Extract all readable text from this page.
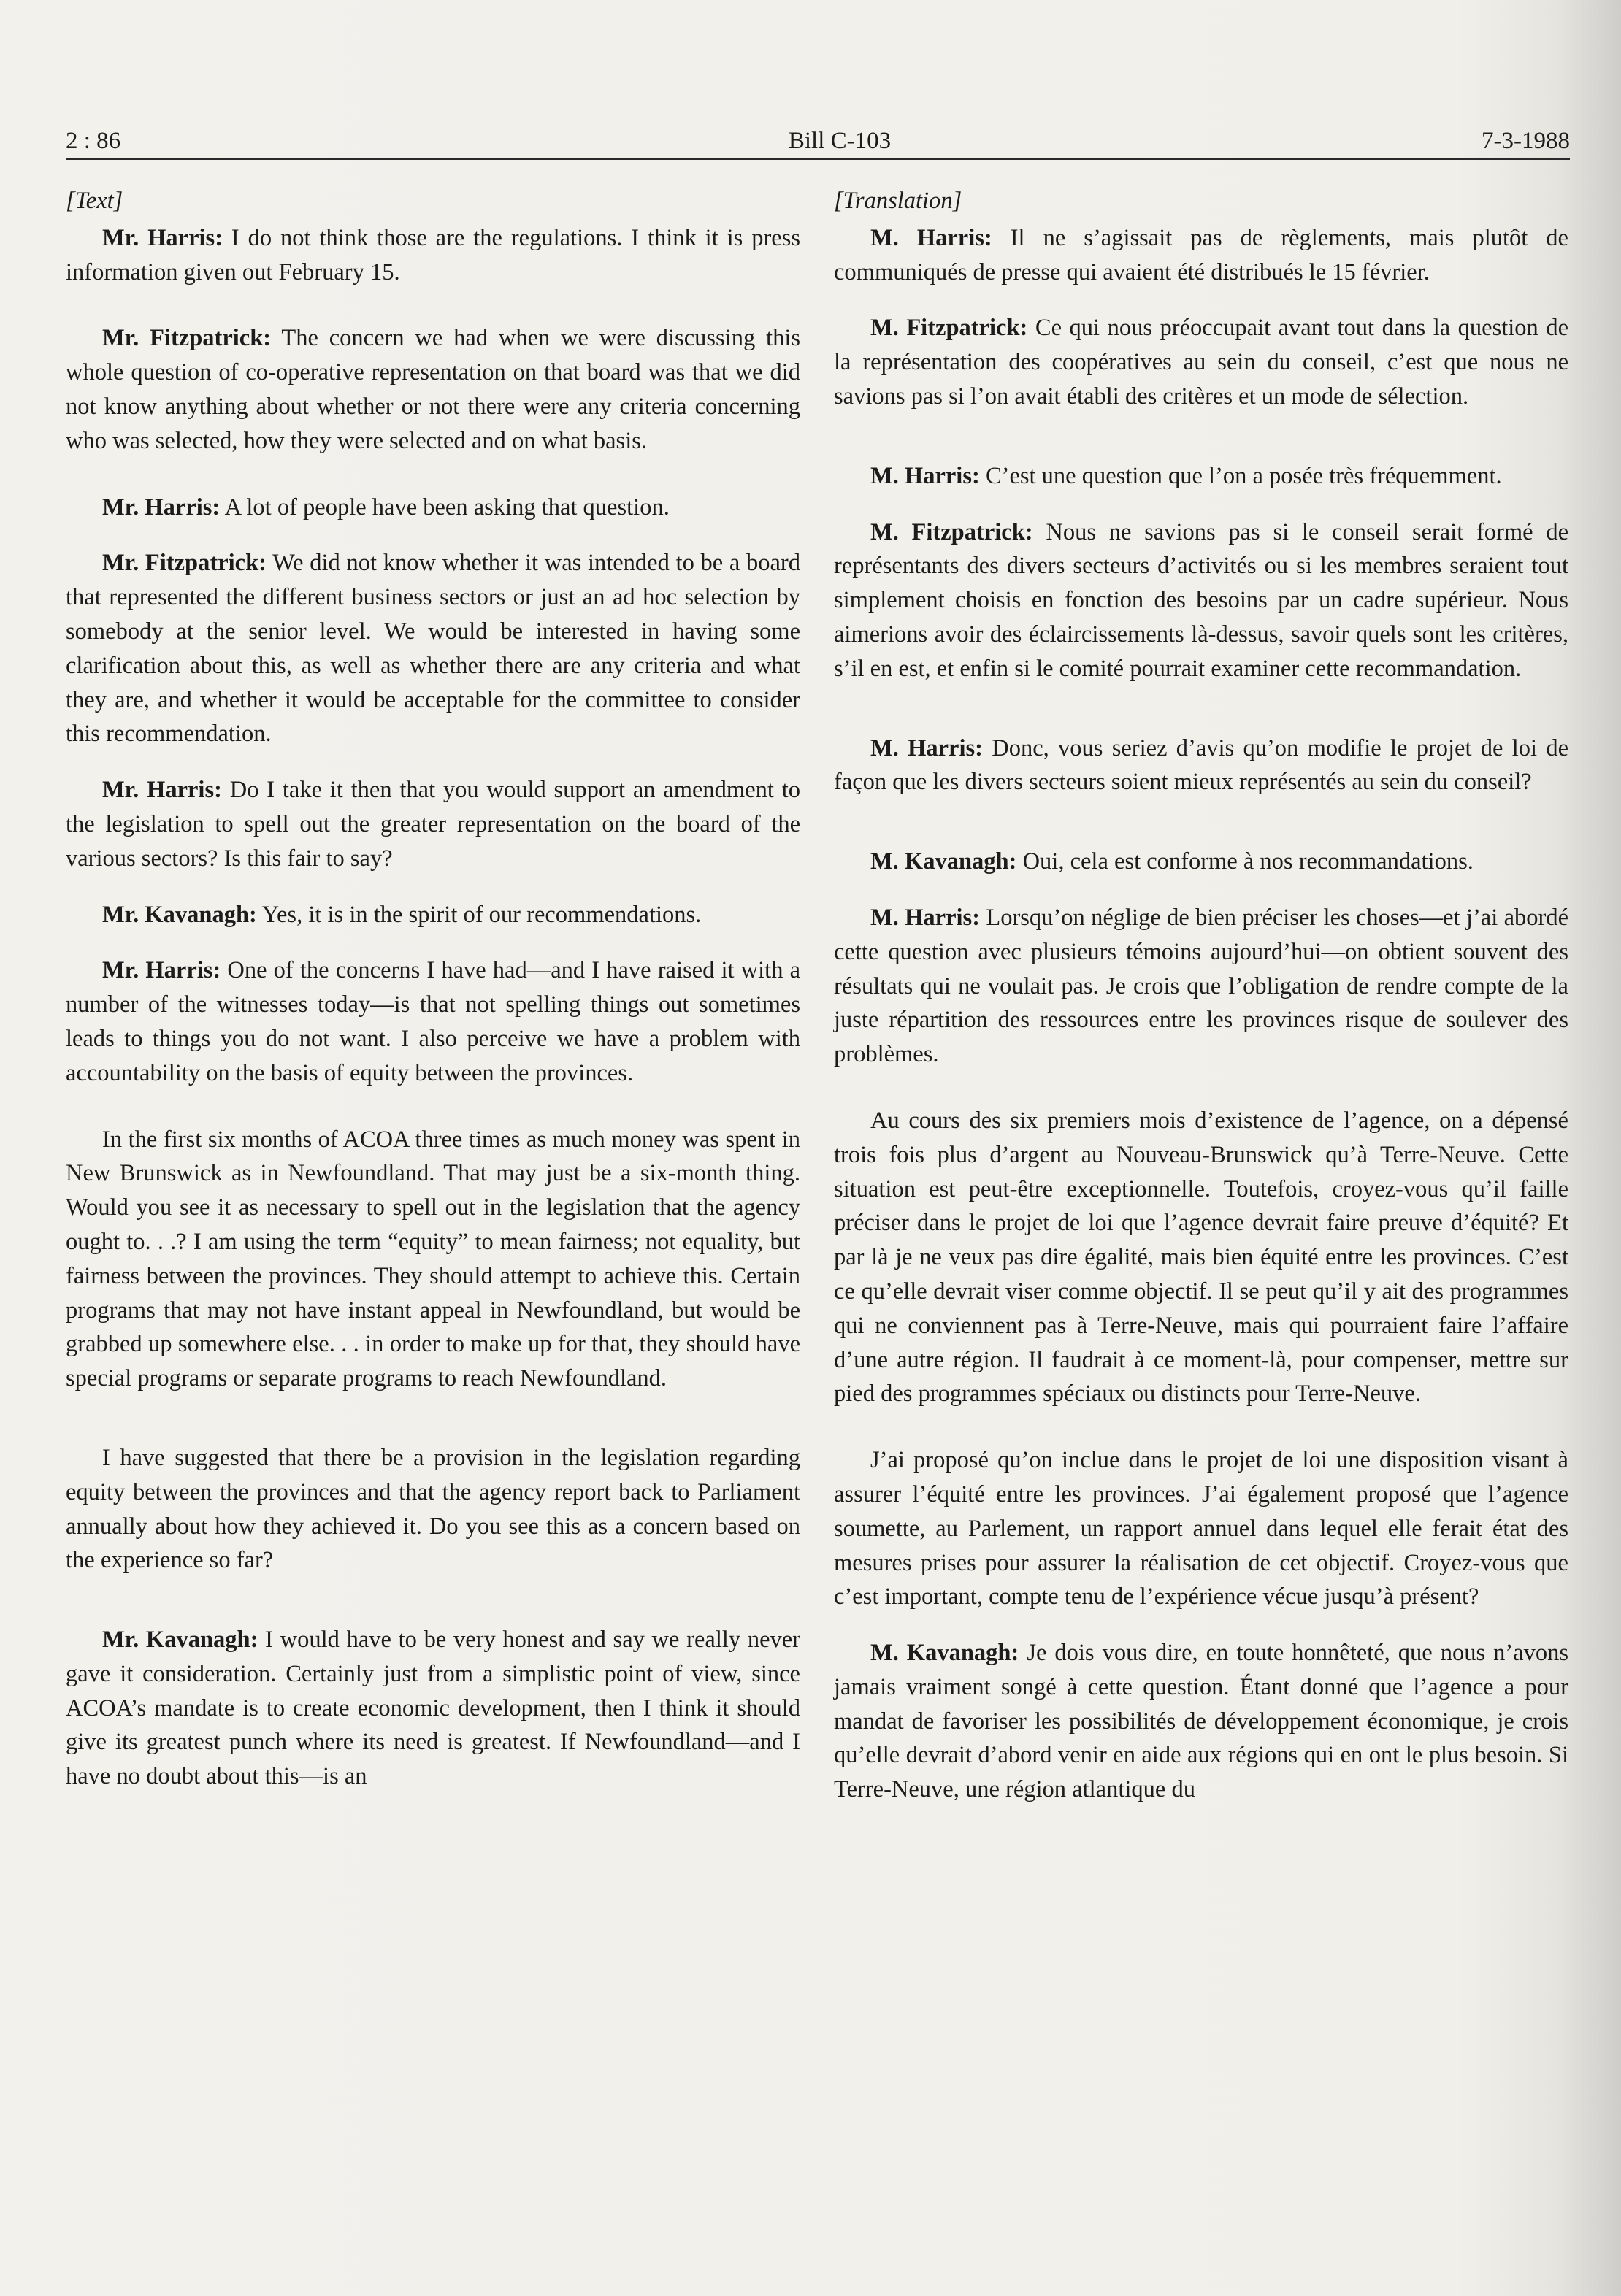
2 : 86	Bill C-103	7-3-1988

[Text]

Mr. Harris: I do not think those are the regulations. I think it is press information given out February 15.

Mr. Fitzpatrick: The concern we had when we were discussing this whole question of co-operative representation on that board was that we did not know anything about whether or not there were any criteria concerning who was selected, how they were selected and on what basis.

Mr. Harris: A lot of people have been asking that question.

Mr. Fitzpatrick: We did not know whether it was intended to be a board that represented the different business sectors or just an ad hoc selection by somebody at the senior level. We would be interested in having some clarification about this, as well as whether there are any criteria and what they are, and whether it would be acceptable for the committee to consider this recommendation.

Mr. Harris: Do I take it then that you would support an amendment to the legislation to spell out the greater representation on the board of the various sectors? Is this fair to say?

Mr. Kavanagh: Yes, it is in the spirit of our recommendations.

Mr. Harris: One of the concerns I have had—and I have raised it with a number of the witnesses today—is that not spelling things out sometimes leads to things you do not want. I also perceive we have a problem with accountability on the basis of equity between the provinces.

In the first six months of ACOA three times as much money was spent in New Brunswick as in Newfoundland. That may just be a six-month thing. Would you see it as necessary to spell out in the legislation that the agency ought to. . .? I am using the term “equity” to mean fairness; not equality, but fairness between the provinces. They should attempt to achieve this. Certain programs that may not have instant appeal in Newfoundland, but would be grabbed up somewhere else. . . in order to make up for that, they should have special programs or separate programs to reach Newfoundland.

I have suggested that there be a provision in the legislation regarding equity between the provinces and that the agency report back to Parliament annually about how they achieved it. Do you see this as a concern based on the experience so far?

Mr. Kavanagh: I would have to be very honest and say we really never gave it consideration. Certainly just from a simplistic point of view, since ACOA’s mandate is to create economic development, then I think it should give its greatest punch where its need is greatest. If Newfoundland—and I have no doubt about this—is an

[Translation]

M. Harris: Il ne s’agissait pas de règlements, mais plutôt de communiqués de presse qui avaient été distribués le 15 février.

M. Fitzpatrick: Ce qui nous préoccupait avant tout dans la question de la représentation des coopératives au sein du conseil, c’est que nous ne savions pas si l’on avait établi des critères et un mode de sélection.

M. Harris: C’est une question que l’on a posée très fréquemment.

M. Fitzpatrick: Nous ne savions pas si le conseil serait formé de représentants des divers secteurs d’activités ou si les membres seraient tout simplement choisis en fonction des besoins par un cadre supérieur. Nous aimerions avoir des éclaircissements là-dessus, savoir quels sont les critères, s’il en est, et enfin si le comité pourrait examiner cette recommandation.

M. Harris: Donc, vous seriez d’avis qu’on modifie le projet de loi de façon que les divers secteurs soient mieux représentés au sein du conseil?

M. Kavanagh: Oui, cela est conforme à nos recommandations.

M. Harris: Lorsqu’on néglige de bien préciser les choses—et j’ai abordé cette question avec plusieurs témoins aujourd’hui—on obtient souvent des résultats qui ne voulait pas. Je crois que l’obligation de rendre compte de la juste répartition des ressources entre les provinces risque de soulever des problèmes.

Au cours des six premiers mois d’existence de l’agence, on a dépensé trois fois plus d’argent au Nouveau-Brunswick qu’à Terre-Neuve. Cette situation est peut-être exceptionnelle. Toutefois, croyez-vous qu’il faille préciser dans le projet de loi que l’agence devrait faire preuve d’équité? Et par là je ne veux pas dire égalité, mais bien équité entre les provinces. C’est ce qu’elle devrait viser comme objectif. Il se peut qu’il y ait des programmes qui ne conviennent pas à Terre-Neuve, mais qui pourraient faire l’affaire d’une autre région. Il faudrait à ce moment-là, pour compenser, mettre sur pied des programmes spéciaux ou distincts pour Terre-Neuve.

J’ai proposé qu’on inclue dans le projet de loi une disposition visant à assurer l’équité entre les provinces. J’ai également proposé que l’agence soumette, au Parlement, un rapport annuel dans lequel elle ferait état des mesures prises pour assurer la réalisation de cet objectif. Croyez-vous que c’est important, compte tenu de l’expérience vécue jusqu’à présent?

M. Kavanagh: Je dois vous dire, en toute honnêteté, que nous n’avons jamais vraiment songé à cette question. Étant donné que l’agence a pour mandat de favoriser les possibilités de développement économique, je crois qu’elle devrait d’abord venir en aide aux régions qui en ont le plus besoin. Si Terre-Neuve, une région atlantique du
